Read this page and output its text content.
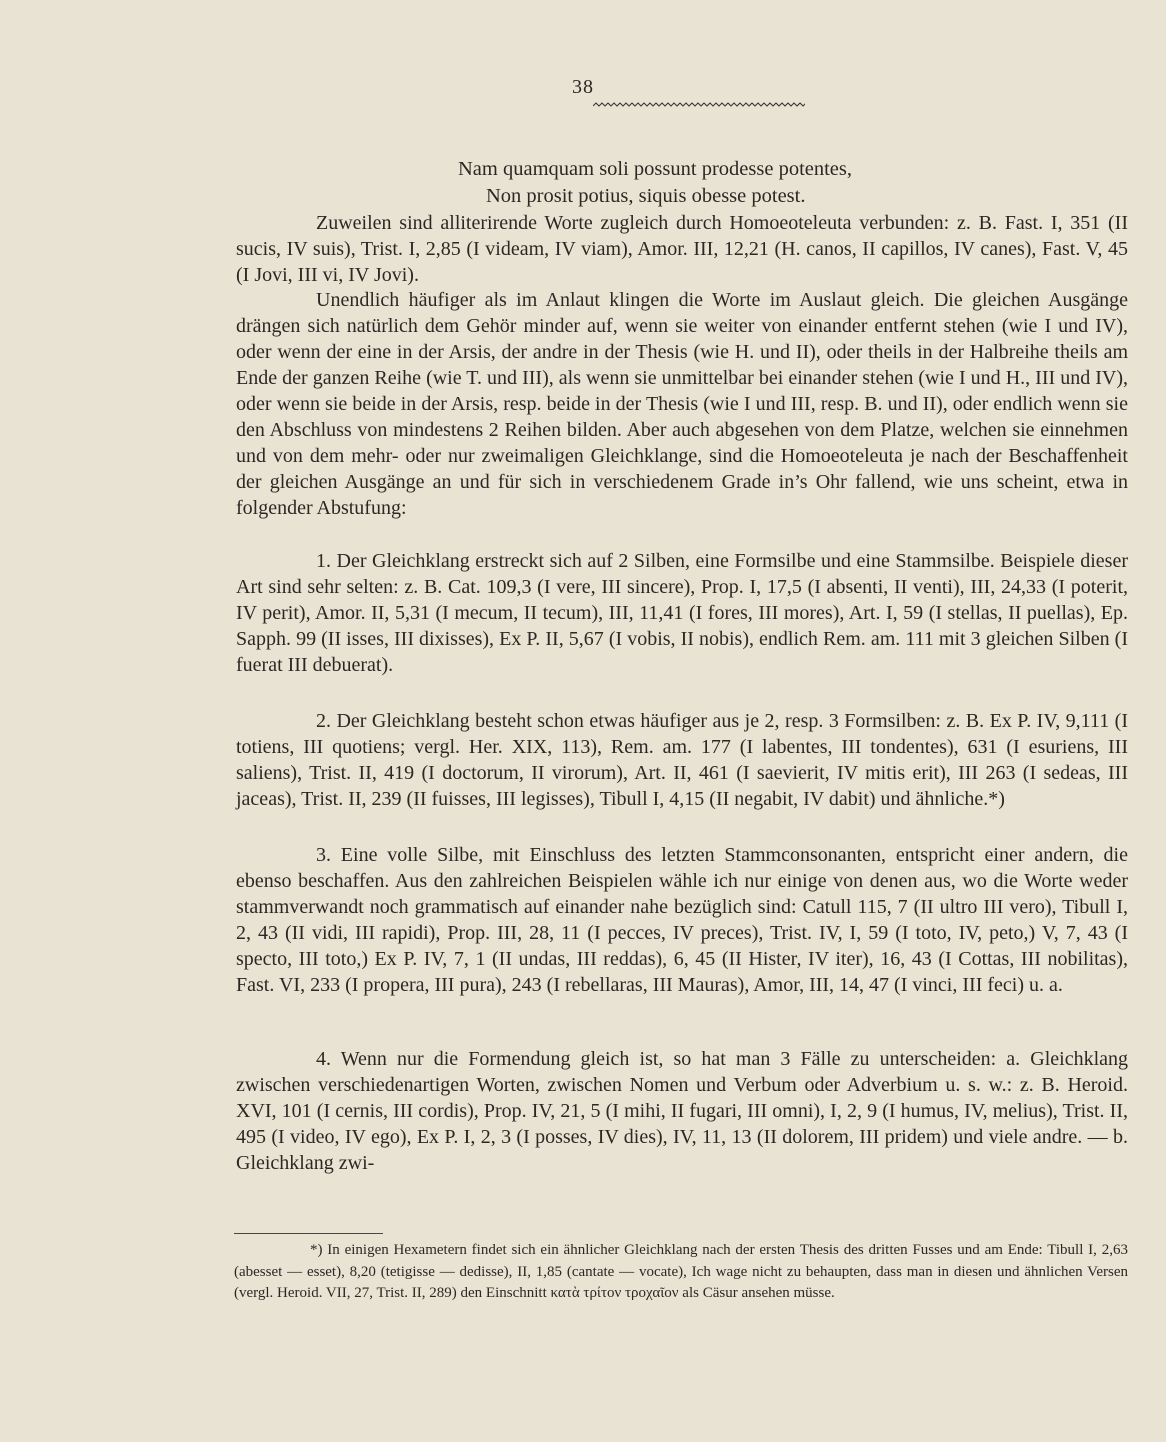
38
Nam quamquam soli possunt prodesse potentes,
Non prosit potius, siquis obesse potest.

Zuweilen sind alliterirende Worte zugleich durch Homoeoteleuta verbunden: z. B. Fast. I, 351 (II sucis, IV suis), Trist. I, 2,85 (I videam, IV viam), Amor. III, 12,21 (H. canos, II capillos, IV canes), Fast. V, 45 (I Jovi, III vi, IV Jovi).

Unendlich häufiger als im Anlaut klingen die Worte im Auslaut gleich. Die gleichen Ausgänge drängen sich natürlich dem Gehör minder auf, wenn sie weiter von einander entfernt stehen (wie I und IV), oder wenn der eine in der Arsis, der andre in der Thesis (wie H. und II), oder theils in der Halbreihe theils am Ende der ganzen Reihe (wie T. und III), als wenn sie unmittelbar bei einander stehen (wie I und H., III und IV), oder wenn sie beide in der Arsis, resp. beide in der Thesis (wie I und III, resp. B. und II), oder endlich wenn sie den Abschluss von mindestens 2 Reihen bilden. Aber auch abgesehen von dem Platze, welchen sie einnehmen und von dem mehr- oder nur zweimaligen Gleichklange, sind die Homoeoteleuta je nach der Beschaffenheit der gleichen Ausgänge an und für sich in verschiedenem Grade in’s Ohr fallend, wie uns scheint, etwa in folgender Abstufung:

1. Der Gleichklang erstreckt sich auf 2 Silben, eine Formsilbe und eine Stammsilbe. Beispiele dieser Art sind sehr selten: z. B. Cat. 109,3 (I vere, III sincere), Prop. I, 17,5 (I absenti, II venti), III, 24,33 (I poterit, IV perit), Amor. II, 5,31 (I mecum, II tecum), III, 11,41 (I fores, III mores), Art. I, 59 (I stellas, II puellas), Ep. Sapph. 99 (II isses, III dixisses), Ex P. II, 5,67 (I vobis, II nobis), endlich Rem. am. 111 mit 3 gleichen Silben (I fuerat III debuerat).

2. Der Gleichklang besteht schon etwas häufiger aus je 2, resp. 3 Formsilben: z. B. Ex P. IV, 9,111 (I totiens, III quotiens; vergl. Her. XIX, 113), Rem. am. 177 (I labentes, III tondentes), 631 (I esuriens, III saliens), Trist. II, 419 (I doctorum, II virorum), Art. II, 461 (I saevierit, IV mitis erit), III 263 (I sedeas, III jaceas), Trist. II, 239 (II fuisses, III legisses), Tibull I, 4,15 (II negabit, IV dabit) und ähnliche.*)

3. Eine volle Silbe, mit Einschluss des letzten Stammconsonanten, entspricht einer andern, die ebenso beschaffen. Aus den zahlreichen Beispielen wähle ich nur einige von denen aus, wo die Worte weder stammverwandt noch grammatisch auf einander nahe bezüglich sind: Catull 115, 7 (II ultro III vero), Tibull I, 2, 43 (II vidi, III rapidi), Prop. III, 28, 11 (I pecces, IV preces), Trist. IV, I, 59 (I toto, IV, peto,) V, 7, 43 (I specto, III toto,) Ex P. IV, 7, 1 (II undas, III reddas), 6, 45 (II Hister, IV iter), 16, 43 (I Cottas, III nobilitas), Fast. VI, 233 (I propera, III pura), 243 (I rebellaras, III Mauras), Amor, III, 14, 47 (I vinci, III feci) u. a.

4. Wenn nur die Formendung gleich ist, so hat man 3 Fälle zu unterscheiden: a. Gleichklang zwischen verschiedenartigen Worten, zwischen Nomen und Verbum oder Adverbium u. s. w.: z. B. Heroid. XVI, 101 (I cernis, III cordis), Prop. IV, 21, 5 (I mihi, II fugari, III omni), I, 2, 9 (I humus, IV, melius), Trist. II, 495 (I video, IV ego), Ex P. I, 2, 3 (I posses, IV dies), IV, 11, 13 (II dolorem, III pridem) und viele andre. — b. Gleichklang zwi-

*) In einigen Hexametern findet sich ein ähnlicher Gleichklang nach der ersten Thesis des dritten Fusses und am Ende: Tibull I, 2,63 (abesset — esset), 8,20 (tetigisse — dedisse), II, 1,85 (cantate — vocate), Ich wage nicht zu behaupten, dass man in diesen und ähnlichen Versen (vergl. Heroid. VII, 27, Trist. II, 289) den Einschnitt κατὰ τρίτον τροχαῖον als Cäsur ansehen müsse.
